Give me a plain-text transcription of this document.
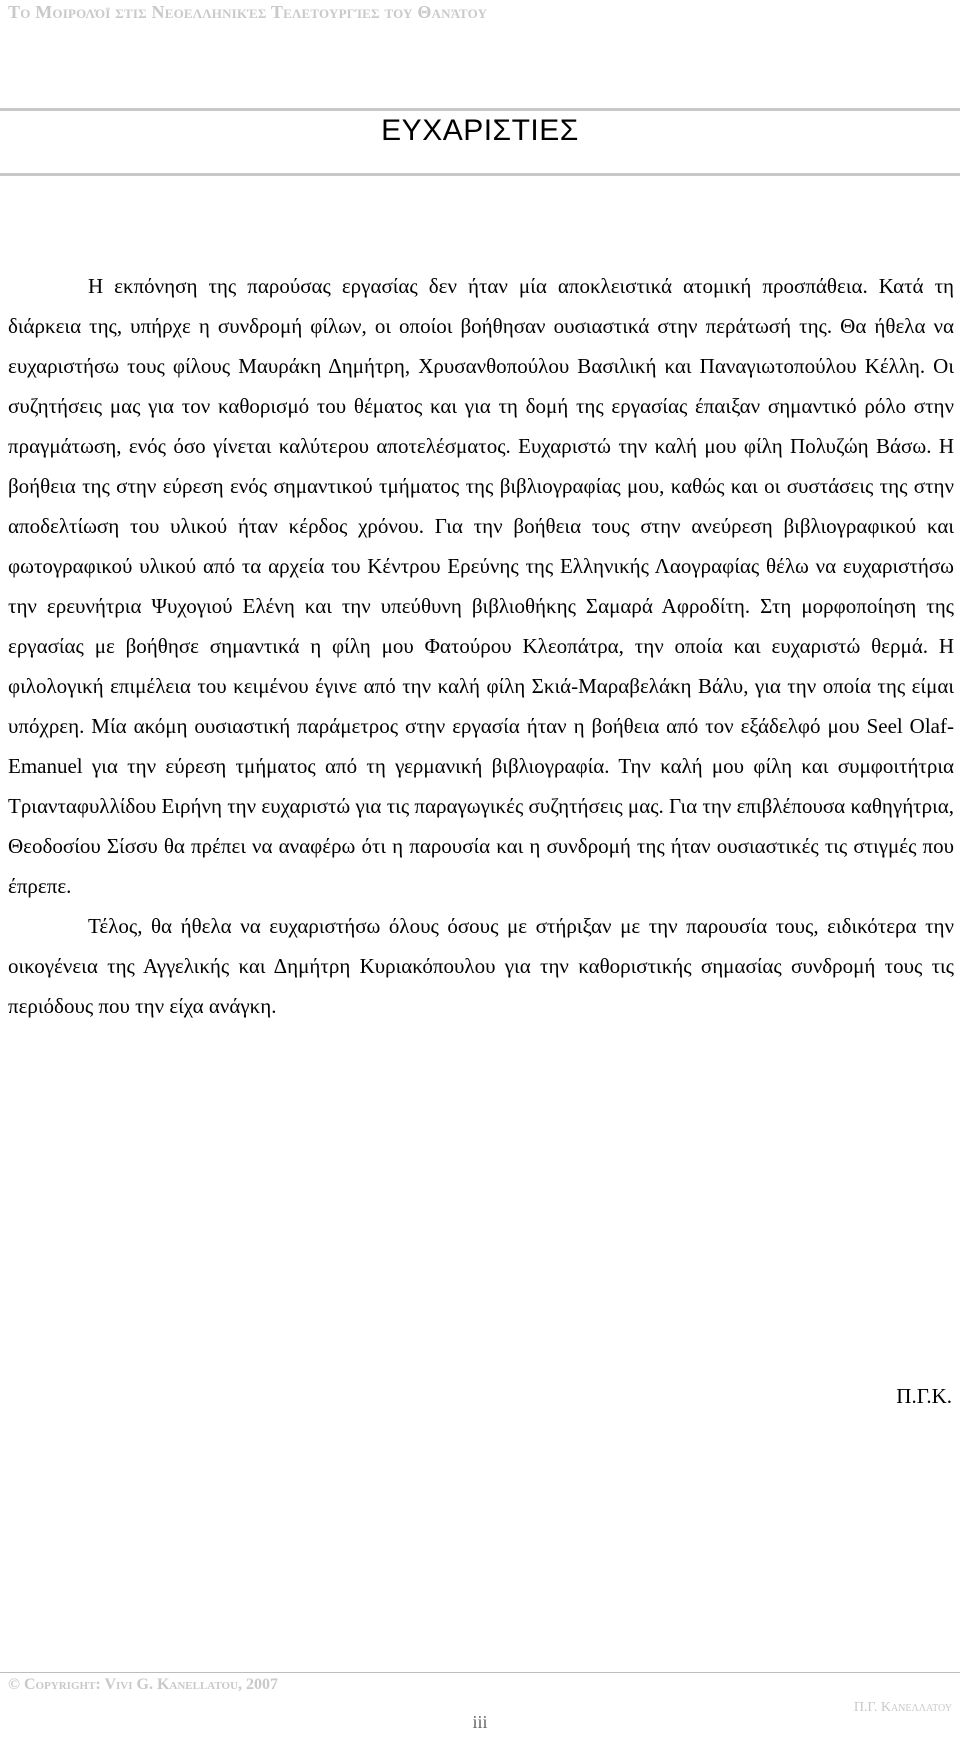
Το Μοιρολόϊ στις Νεοελληνικές Τελετουργίες του Θανάτου
ΕΥΧΑΡΙΣΤΙΕΣ

Η εκπόνηση της παρούσας εργασίας δεν ήταν μία αποκλειστικά ατομική προσπάθεια. Κατά τη διάρκεια της, υπήρχε η συνδρομή φίλων, οι οποίοι βοήθησαν ουσιαστικά στην περάτωσή της. Θα ήθελα να ευχαριστήσω τους φίλους Μαυράκη Δημήτρη, Χρυσανθοπούλου Βασιλική και Παναγιωτοπούλου Κέλλη. Οι συζητήσεις μας για τον καθορισμό του θέματος και για τη δομή της εργασίας έπαιξαν σημαντικό ρόλο στην πραγμάτωση, ενός όσο γίνεται καλύτερου αποτελέσματος. Ευχαριστώ την καλή μου φίλη Πολυζώη Βάσω. Η βοήθεια της στην εύρεση ενός σημαντικού τμήματος της βιβλιογραφίας μου, καθώς και οι συστάσεις της στην αποδελτίωση του υλικού ήταν κέρδος χρόνου. Για την βοήθεια τους στην ανεύρεση βιβλιογραφικού και φωτογραφικού υλικού από τα αρχεία του Κέντρου Ερεύνης της Ελληνικής Λαογραφίας θέλω να ευχαριστήσω την ερευνήτρια Ψυχογιού Ελένη και την υπεύθυνη βιβλιοθήκης Σαμαρά Αφροδίτη. Στη μορφοποίηση της εργασίας με βοήθησε σημαντικά η φίλη μου Φατούρου Κλεοπάτρα, την οποία και ευχαριστώ θερμά. Η φιλολογική επιμέλεια του κειμένου έγινε από την καλή φίλη Σκιά-Μαραβελάκη Βάλυ, για την οποία της είμαι υπόχρεη. Μία ακόμη ουσιαστική παράμετρος στην εργασία ήταν η βοήθεια από τον εξάδελφό μου Seel Olaf-Emanuel για την εύρεση τμήματος από τη γερμανική βιβλιογραφία. Την καλή μου φίλη και συμφοιτήτρια Τριανταφυλλίδου Ειρήνη την ευχαριστώ για τις παραγωγικές συζητήσεις μας. Για την επιβλέπουσα καθηγήτρια, Θεοδοσίου Σίσσυ θα πρέπει να αναφέρω ότι η παρουσία και η συνδρομή της ήταν ουσιαστικές τις στιγμές που έπρεπε.

Τέλος, θα ήθελα να ευχαριστήσω όλους όσους με στήριξαν με την παρουσία τους, ειδικότερα την οικογένεια της Αγγελικής και Δημήτρη Κυριακόπουλου για την καθοριστικής σημασίας συνδρομή τους τις περιόδους που την είχα ανάγκη.

Π.Γ.Κ.
© Copyright: Vivi G. Kanellatou, 2007
Π.Γ. Κανελλατου
iii
